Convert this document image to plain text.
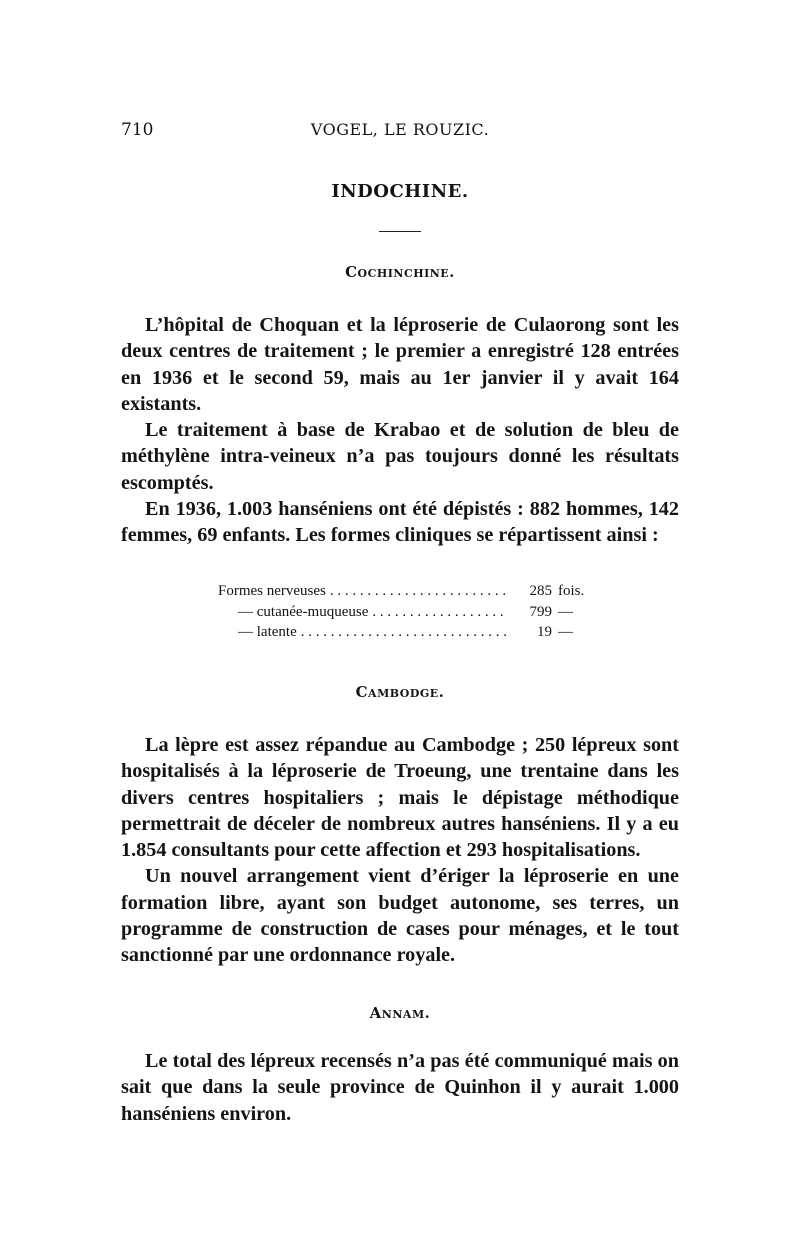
710	VOGEL, LE ROUZIC.
INDOCHINE.
Cochinchine.

L’hôpital de Choquan et la léproserie de Culaorong sont les deux centres de traitement ; le premier a enregistré 128 entrées en 1936 et le second 59, mais au 1er janvier il y avait 164 existants.

Le traitement à base de Krabao et de solution de bleu de méthylène intra-veineux n’a pas toujours donné les résultats escomptés.

En 1936, 1.003 hanséniens ont été dépistés : 882 hommes, 142 femmes, 69 enfants. Les formes cliniques se répartissent ainsi :

Formes nerveuses . . .	285 fois.
— cutanée-muqueuse . . .	799 —
— latente . . .	19 —
Cambodge.

La lèpre est assez répandue au Cambodge ; 250 lépreux sont hospitalisés à la léproserie de Troeung, une trentaine dans les divers centres hospitaliers ; mais le dépistage méthodique permettrait de déceler de nombreux autres hanséniens. Il y a eu 1.854 consultants pour cette affection et 293 hospitalisations.

Un nouvel arrangement vient d’ériger la léproserie en une formation libre, ayant son budget autonome, ses terres, un programme de construction de cases pour ménages, et le tout sanctionné par une ordonnance royale.

Annam.

Le total des lépreux recensés n’a pas été communiqué mais on sait que dans la seule province de Quinhon il y aurait 1.000 hanséniens environ.
